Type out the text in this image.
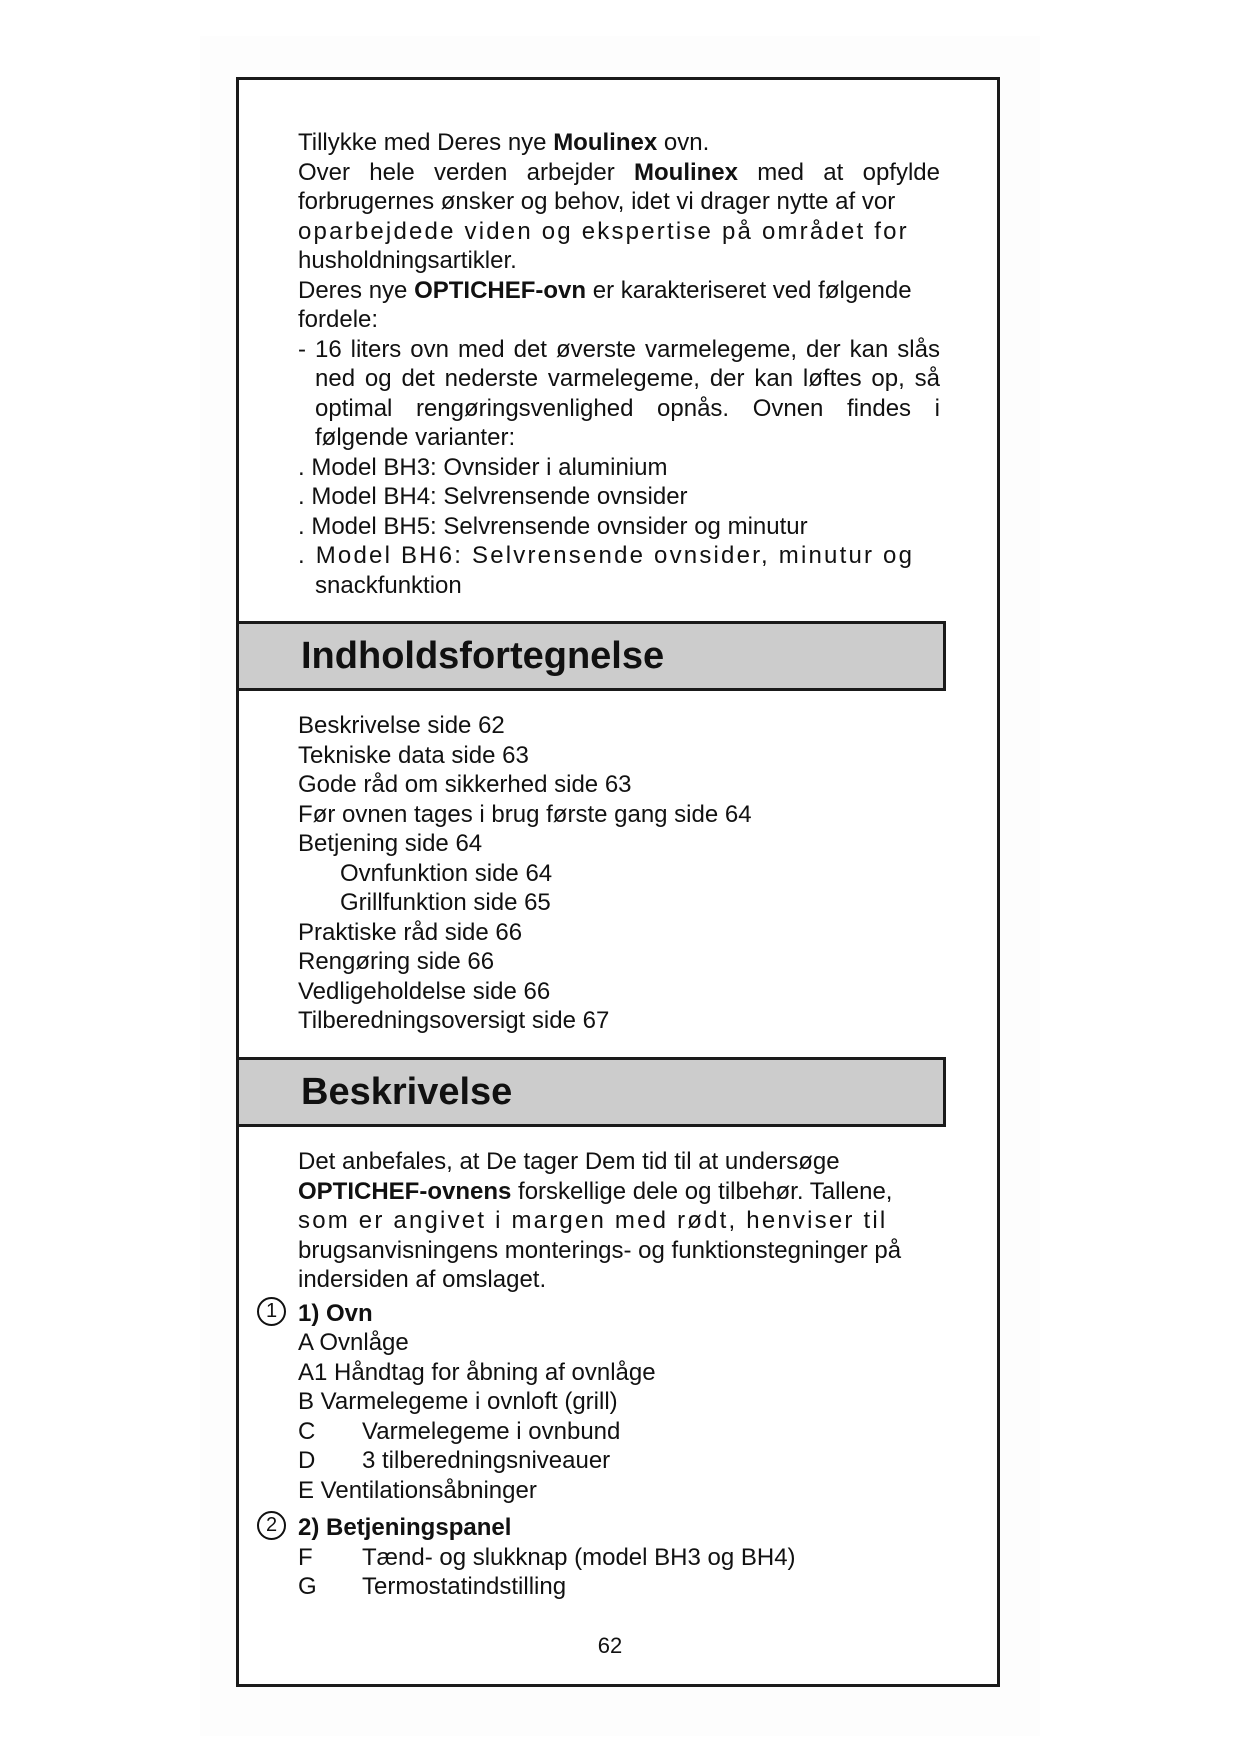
Tillykke med Deres nye Moulinex ovn.

Over hele verden arbejder Moulinex med at opfylde forbrugernes ønsker og behov, idet vi drager nytte af vor

oparbejdede viden og ekspertise på området for

husholdningsartikler.

Deres nye OPTICHEF-ovn er karakteriseret ved følgende fordele:

- 16 liters ovn med det øverste varmelegeme, der kan slås ned og det nederste varmelegeme, der kan løftes op, så optimal rengøringsvenlighed opnås. Ovnen findes i følgende varianter:

. Model BH3: Ovnsider i aluminium

. Model BH4: Selvrensende ovnsider

. Model BH5: Selvrensende ovnsider og minutur

. Model BH6: Selvrensende ovnsider, minutur og

snackfunktion

Indholdsfortegnelse

Beskrivelse side 62

Tekniske data side 63

Gode råd om sikkerhed side 63

Før ovnen tages i brug første gang side 64

Betjening side 64

Ovnfunktion side 64

Grillfunktion side 65

Praktiske råd side 66

Rengøring side 66

Vedligeholdelse side 66

Tilberedningsoversigt side 67

Beskrivelse

Det anbefales, at De tager Dem tid til at undersøge

OPTICHEF-ovnens forskellige dele og tilbehør. Tallene,

som er angivet i margen med rødt, henviser til

brugsanvisningens monterings- og funktionstegninger på indersiden af omslaget.

1 1) Ovn

A Ovnlåge

A1 Håndtag for åbning af ovnlåge

B Varmelegeme i ovnloft (grill)

C	Varmelegeme i ovnbund
D	3 tilberedningsniveauer

E Ventilationsåbninger

2 2) Betjeningspanel

F	Tænd- og slukknap (model BH3 og BH4)
G	Termostatindstilling
62
